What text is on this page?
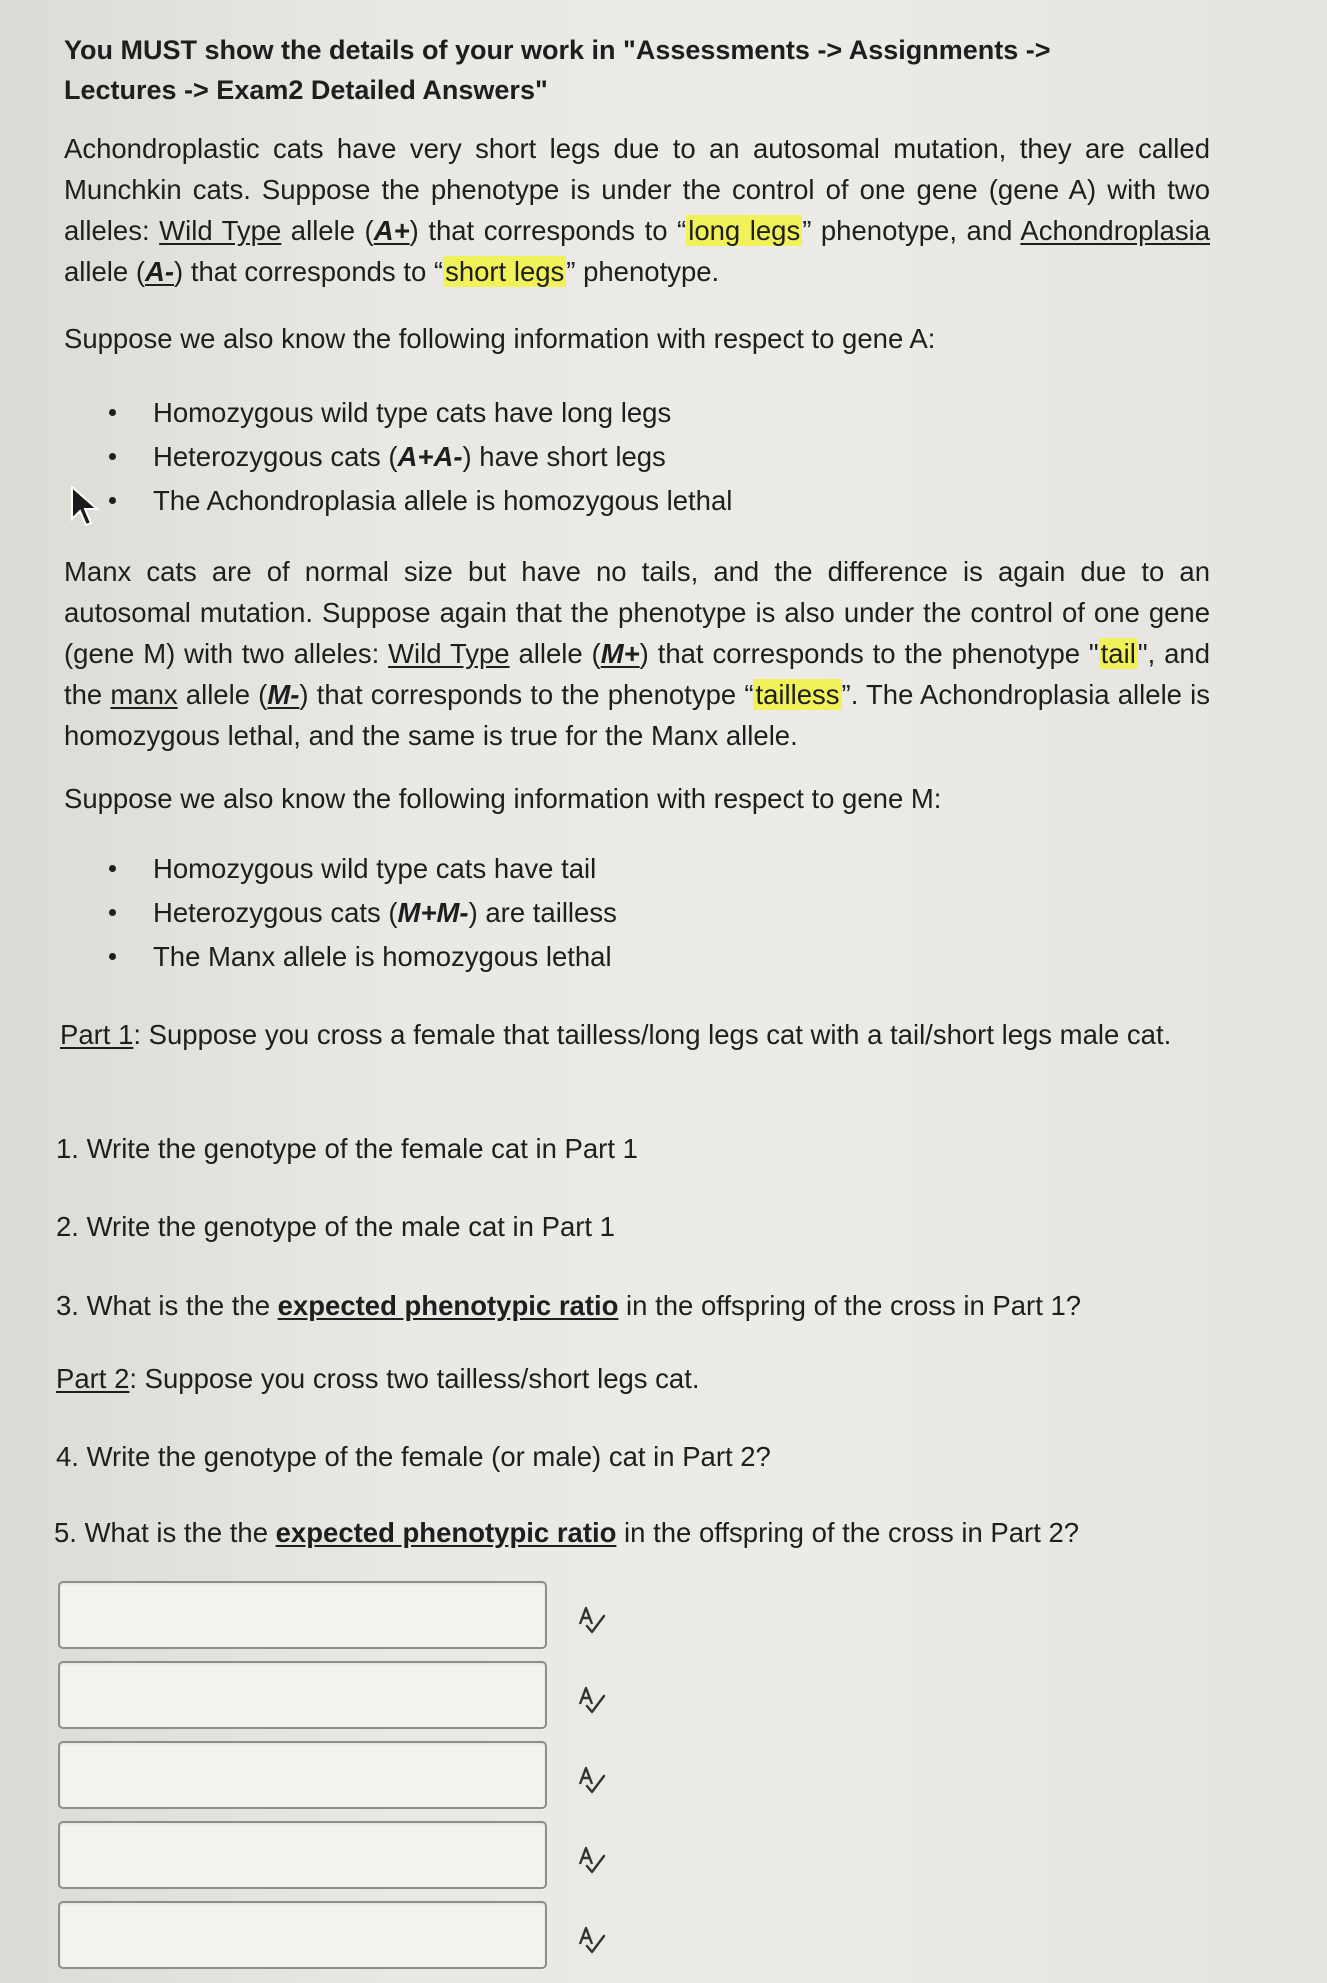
You MUST show the details of your work in "Assessments -> Assignments ->
Lectures -> Exam2 Detailed Answers"

Achondroplastic cats have very short legs due to an autosomal mutation, they are called Munchkin cats. Suppose the phenotype is under the control of one gene (gene A) with two alleles: Wild Type allele (A+) that corresponds to “long legs” phenotype, and Achondroplasia allele (A-) that corresponds to “short legs” phenotype.

Suppose we also know the following information with respect to gene A:

Homozygous wild type cats have long legs
Heterozygous cats (A+A-) have short legs
The Achondroplasia allele is homozygous lethal

Manx cats are of normal size but have no tails, and the difference is again due to an autosomal mutation. Suppose again that the phenotype is also under the control of one gene (gene M) with two alleles: Wild Type allele (M+) that corresponds to the phenotype "tail", and the manx allele (M-) that corresponds to the phenotype “tailless”. The Achondroplasia allele is homozygous lethal, and the same is true for the Manx allele.

Suppose we also know the following information with respect to gene M:

Homozygous wild type cats have tail
Heterozygous cats (M+M-) are tailless
The Manx allele is homozygous lethal

Part 1: Suppose you cross a female that tailless/long legs cat with a tail/short legs male cat.

1. Write the genotype of the female cat in Part 1

2. Write the genotype of the male cat in Part 1

3. What is the the expected phenotypic ratio in the offspring of the cross in Part 1?

Part 2: Suppose you cross two tailless/short legs cat.

4. Write the genotype of the female (or male) cat in Part 2?

5. What is the the expected phenotypic ratio in the offspring of the cross in Part 2?
